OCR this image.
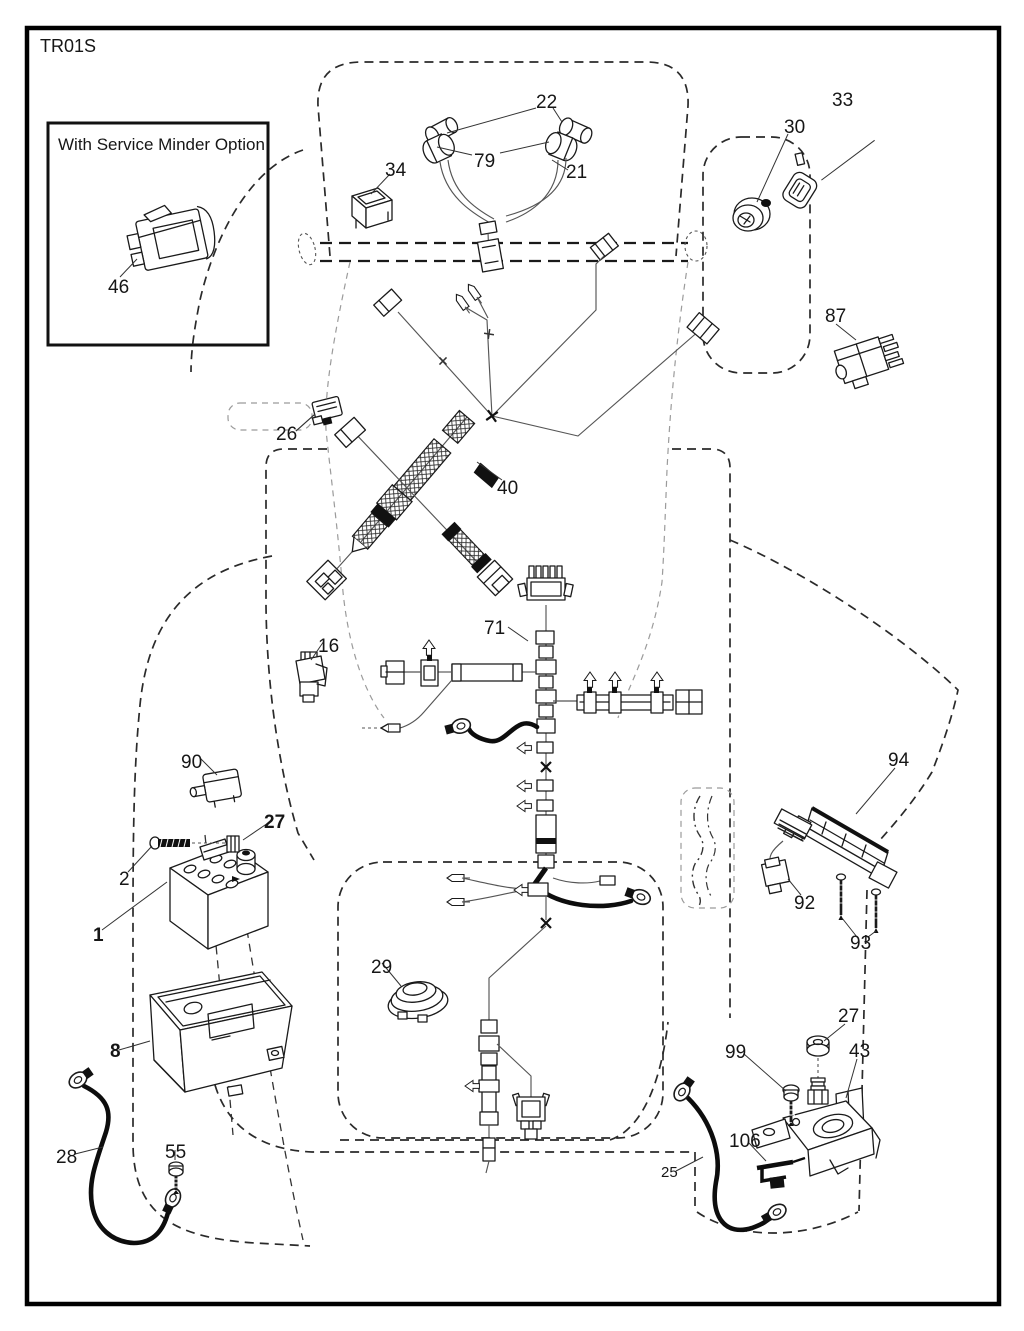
TR01S
With Service Minder Option
22
79
21
34
30
33
87
46
26
40
16
71
90
27
2
1
8
29
92
93
94
28	55
99
27
43
106
25
